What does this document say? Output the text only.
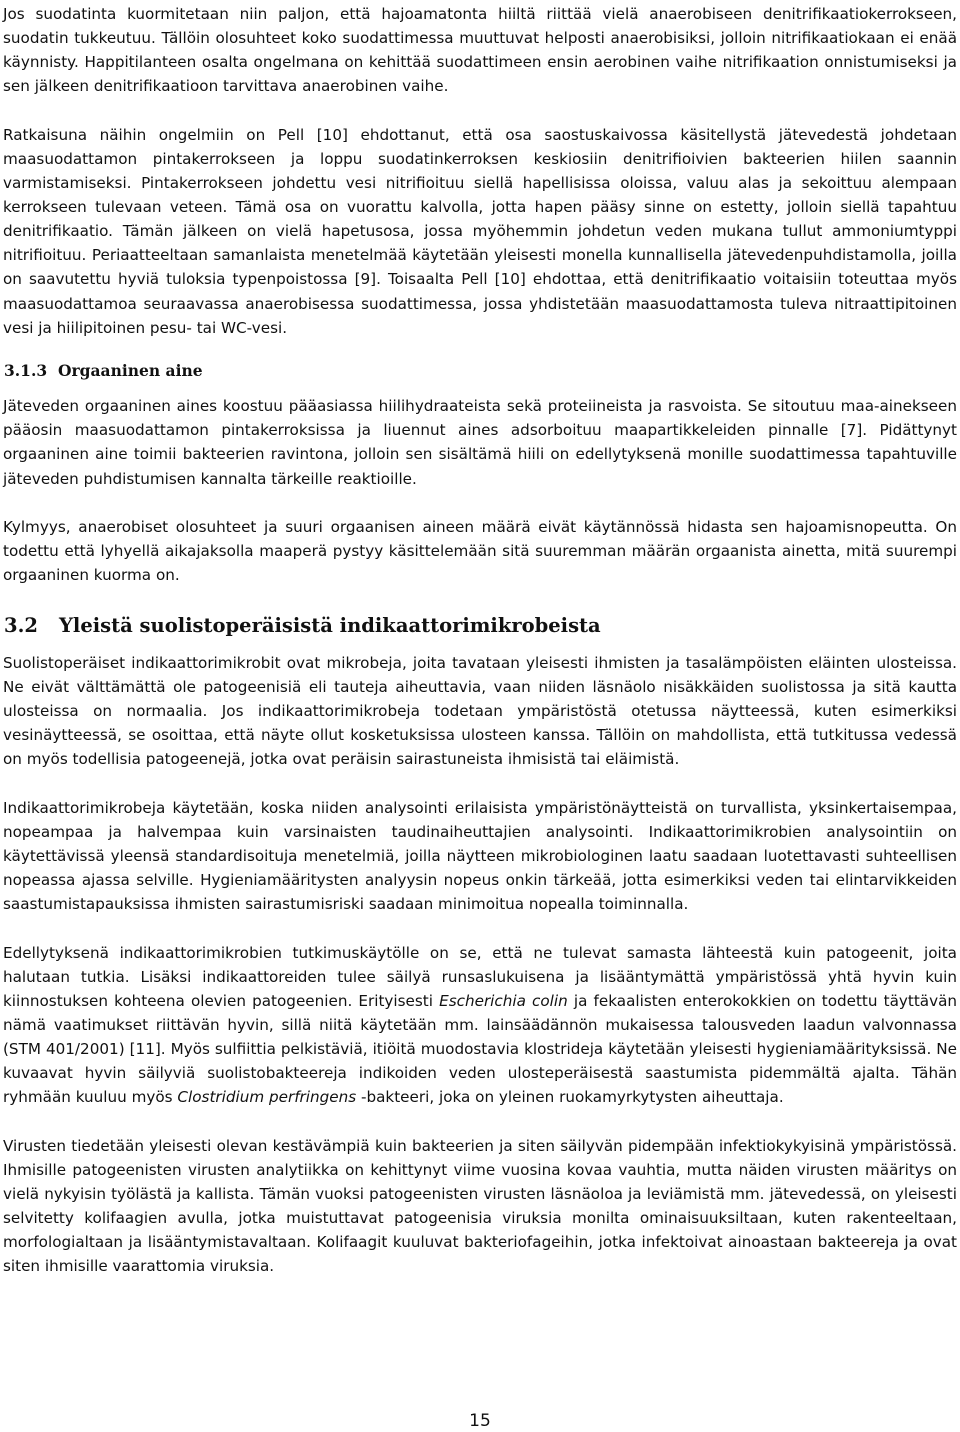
Jos suodatinta kuormitetaan niin paljon, että hajoamatonta hiiltä riittää vielä anaerobiseen denitrifikaatiokerrokseen, suodatin tukkeutuu. Tällöin olosuhteet koko suodattimessa muuttuvat helposti anaerobisiksi, jolloin nitrifikaatiokaan ei enää käynnisty. Happitilanteen osalta ongelmana on kehittää suodattimeen ensin aerobinen vaihe nitrifikaation onnistumiseksi ja sen jälkeen denitrifikaatioon tarvittava anaerobinen vaihe.

Ratkaisuna näihin ongelmiin on Pell [10] ehdottanut, että osa saostuskaivossa käsitellystä jätevedestä johdetaan maasuodattamon pintakerrokseen ja loppu suodatinkerroksen keskiosiin denitrifioivien bakteerien hiilen saannin varmistamiseksi. Pintakerrokseen johdettu vesi nitrifioituu siellä hapellisissa oloissa, valuu alas ja sekoittuu alempaan kerrokseen tulevaan veteen. Tämä osa on vuorattu kalvolla, jotta hapen pääsy sinne on estetty, jolloin siellä tapahtuu denitrifikaatio. Tämän jälkeen on vielä hapetusosa, jossa myöhemmin johdetun veden mukana tullut ammoniumtyppi nitrifioituu. Periaatteeltaan samanlaista menetelmää käytetään yleisesti monella kunnallisella jätevedenpuhdistamolla, joilla on saavutettu hyviä tuloksia typenpoistossa [9]. Toisaalta Pell [10] ehdottaa, että denitrifikaatio voitaisiin toteuttaa myös maasuodattamoa seuraavassa anaerobisessa suodattimessa, jossa yhdistetään maasuodattamosta tuleva nitraattipitoinen vesi ja hiilipitoinen pesu- tai WC-vesi.

3.1.3 Orgaaninen aine

Jäteveden orgaaninen aines koostuu pääasiassa hiilihydraateista sekä proteiineista ja rasvoista. Se sitoutuu maa-ainekseen pääosin maasuodattamon pintakerroksissa ja liuennut aines adsorboituu maapartikkeleiden pinnalle [7]. Pidättynyt orgaaninen aine toimii bakteerien ravintona, jolloin sen sisältämä hiili on edellytyksenä monille suodattimessa tapahtuville jäteveden puhdistumisen kannalta tärkeille reaktioille.

Kylmyys, anaerobiset olosuhteet ja suuri orgaanisen aineen määrä eivät käytännössä hidasta sen hajoamisnopeutta. On todettu että lyhyellä aikajaksolla maaperä pystyy käsittelemään sitä suuremman määrän orgaanista ainetta, mitä suurempi orgaaninen kuorma on.

3.2 Yleistä suolistoperäisistä indikaattorimikrobeista

Suolistoperäiset indikaattorimikrobit ovat mikrobeja, joita tavataan yleisesti ihmisten ja tasalämpöisten eläinten ulosteissa. Ne eivät välttämättä ole patogeenisiä eli tauteja aiheuttavia, vaan niiden läsnäolo nisäkkäiden suolistossa ja sitä kautta ulosteissa on normaalia. Jos indikaattorimikrobeja todetaan ympäristöstä otetussa näytteessä, kuten esimerkiksi vesinäytteessä, se osoittaa, että näyte ollut kosketuksissa ulosteen kanssa. Tällöin on mahdollista, että tutkitussa vedessä on myös todellisia patogeenejä, jotka ovat peräisin sairastuneista ihmisistä tai eläimistä.

Indikaattorimikrobeja käytetään, koska niiden analysointi erilaisista ympäristönäytteistä on turvallista, yksinkertaisempaa, nopeampaa ja halvempaa kuin varsinaisten taudinaiheuttajien analysointi. Indikaattorimikrobien analysointiin on käytettävissä yleensä standardisoituja menetelmiä, joilla näytteen mikrobiologinen laatu saadaan luotettavasti suhteellisen nopeassa ajassa selville. Hygieniamääritysten analyysin nopeus onkin tärkeää, jotta esimerkiksi veden tai elintarvikkeiden saastumistapauksissa ihmisten sairastumisriski saadaan minimoitua nopealla toiminnalla.

Edellytyksenä indikaattorimikrobien tutkimuskäytölle on se, että ne tulevat samasta lähteestä kuin patogeenit, joita halutaan tutkia. Lisäksi indikaattoreiden tulee säilyä runsaslukuisena ja lisääntymättä ympäristössä yhtä hyvin kuin kiinnostuksen kohteena olevien patogeenien. Erityisesti Escherichia colin ja fekaalisten enterokokkien on todettu täyttävän nämä vaatimukset riittävän hyvin, sillä niitä käytetään mm. lainsäädännön mukaisessa talousveden laadun valvonnassa (STM 401/2001) [11]. Myös sulfiittia pelkistäviä, itiöitä muodostavia klostrideja käytetään yleisesti hygieniamäärityksissä. Ne kuvaavat hyvin säilyviä suolistobakteereja indikoiden veden ulosteperäisestä saastumista pidemmältä ajalta. Tähän ryhmään kuuluu myös Clostridium perfringens -bakteeri, joka on yleinen ruokamyrkytysten aiheuttaja.

Virusten tiedetään yleisesti olevan kestävämpiä kuin bakteerien ja siten säilyvän pidempään infektiokykyisinä ympäristössä. Ihmisille patogeenisten virusten analytiikka on kehittynyt viime vuosina kovaa vauhtia, mutta näiden virusten määritys on vielä nykyisin työlästä ja kallista. Tämän vuoksi patogeenisten virusten läsnäoloa ja leviämistä mm. jätevedessä, on yleisesti selvitetty kolifaagien avulla, jotka muistuttavat patogeenisia viruksia monilta ominaisuuksiltaan, kuten rakenteeltaan, morfologialtaan ja lisääntymistavaltaan. Kolifaagit kuuluvat bakteriofageihin, jotka infektoivat ainoastaan bakteereja ja ovat siten ihmisille vaarattomia viruksia.

15
